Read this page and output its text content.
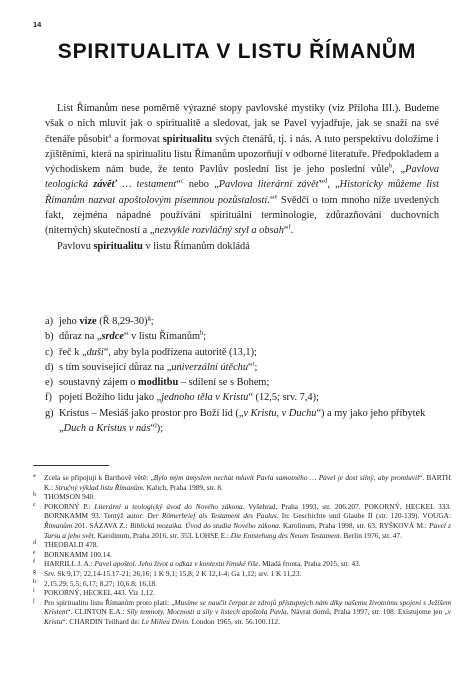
14
SPIRITUALITA V LISTU ŘÍMANŮM

List Římanům nese poměrně výrazné stopy pavlovské mystiky (viz Příloha III.). Budeme však o nich mluvit jak o spiritualitě a sledovat, jak se Pavel vyjadřuje, jak se snaží na své čtenáře působit$^a$ a formovat spiritualitu svých čtenářů, tj. i nás. A tuto perspektivu doložíme i zjištěními, která na spiritualitu listu Římanům upozorňují v odborné literatuře. Předpokladem a východiskem nám bude, že tento Pavlův poslední list je jeho poslední vůle$^b$, „Pavlova teologická závěť … testament“$^c$ nebo „Pavlova literární závěť“$^d$, „Historicky můžeme list Římanům nazvat apoštolovým písemnou pozůstalostí.“$^e$ Svědčí o tom mnoho níže uvedených fakt, zejména nápadné používání spirituální terminologie, zdůrazňování duchovních (niterných) skutečností a „nezvykle rozvláčný styl a obsah“$^f$.

Pavlovu spiritualitu v listu Římanům dokládá

a) jeho vize (Ř 8,29-30)$^g$;
b) důraz na „srdce“ v listu Římanům$^h$;
c) řeč k „duši“, aby byla podřízena autoritě (13,1);
d) s tím související důraz na „univerzální útěchu“$^i$;
e) soustavný zájem o modlitbu – sdílení se s Bohem;
f) pojetí Božího lidu jako „jednoho těla v Kristu“ (12,5; srv. 7,4);
g) Kristus – Mesiáš jako prostor pro Boží lid („v Kristu, v Duchu“) a my jako jeho příbytek „Duch a Kristus v nás“$^j$);
a Zcela se připojuji k Barthově větě: „Bylo mým úmyslem nechat mluvit Pavla samotného … Pavel je dost silný, aby promluvil“. BARTH K.: Stručný výklad listu Římanům. Kalich, Praha 1989, str. 8.
b THOMSON 940.
c POKORNÝ P.: Literární a teologický úvod do Nového zákona. Vyšehrad, Praha 1993, str. 206.207. POKORNÝ, HECKEL 333. BORNKAMM 93. Tentýž autor: Der Römerbrief als Testament des Paulus. In: Geschichte und Glaube II (str. 120-139). VOUGA: Římanům 201. SÁZAVA Z.: Biblická mozaika. Úvod do studia Nového zákona. Karolinum, Praha 1998, str. 63. RYŠKOVÁ M.: Pavel z Tarsu a jeho svět. Karolinum, Praha 2016, str. 353. LOHSE E.: Die Entstehung des Neuen Testament. Berlin 1976, str. 47.
d THEOBALD 478.
e BORNKAMM 100.14.
f HARRILL J. A.: Pavel apoštol. Jeho život a odkaz v kontextu římské říše. Mladá fronta, Praha 2015, str. 43.
g Srv. Sk 9,17; 22,14-15.17-21; 26,16; 1 K 9,1; 15,8; 2 K 12,1-4; Ga 1,12; srv. 1 K 11,23.
h 2,15.29; 5,5; 6,17; 8,27; 10,6.8; 16,18.
i POKORNÝ, HECKEL 443. Viz 1,12.
j Pro spiritualitu listu Římanům proto platí: „Musíme se naučit čerpat ze zdrojů přístupných nám díky našemu životnímu spojení s Ježíšem Kristem“. CLINTON E.A.: Síly temnoty. Mocnosti a síly v listech apoštola Pavla. Návrat domů, Praha 1997, str. 108. Existujeme jen „v Kristu“. CHARDIN Teilhard de: Le Milieu Divin. London 1965, str. 56.100.112.
